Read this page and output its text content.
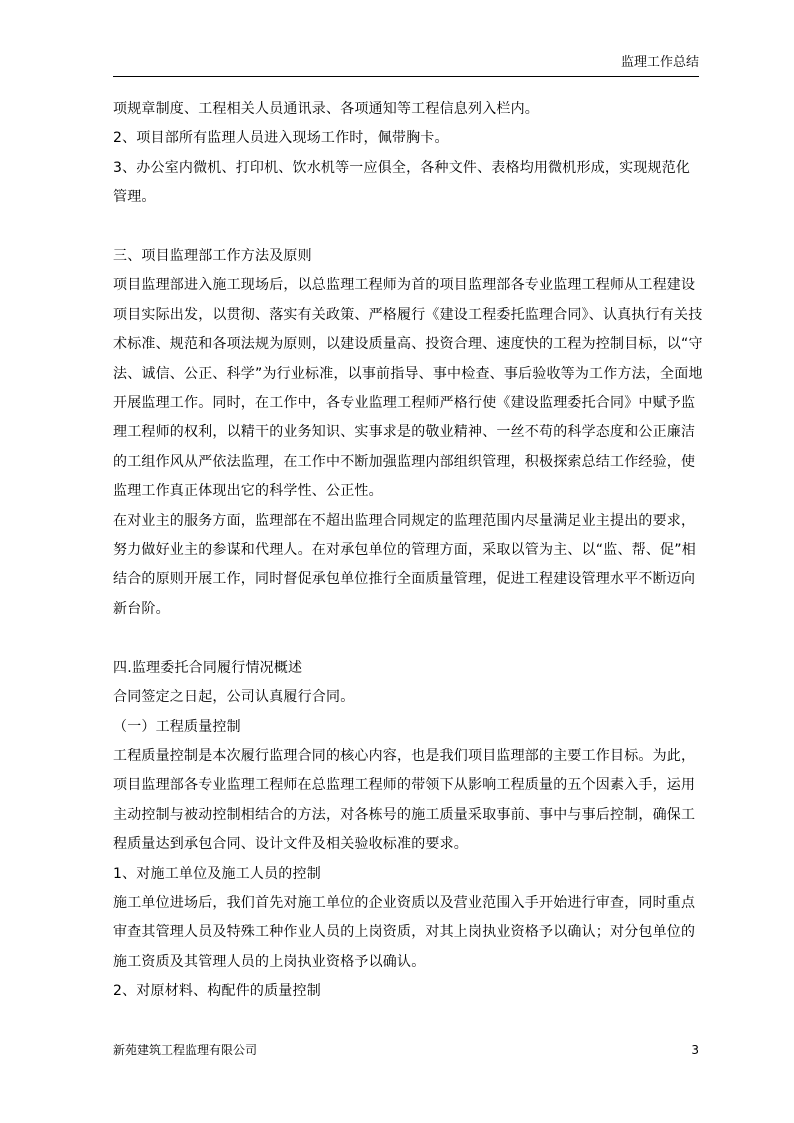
监理工作总结

项规章制度、工程相关人员通讯录、各项通知等工程信息列入栏内。

2、项目部所有监理人员进入现场工作时，佩带胸卡。

3、办公室内微机、打印机、饮水机等一应俱全，各种文件、表格均用微机形成，实现规范化管理。

三、项目监理部工作方法及原则

项目监理部进入施工现场后，以总监理工程师为首的项目监理部各专业监理工程师从工程建设项目实际出发，以贯彻、落实有关政策、严格履行《建设工程委托监理合同》、认真执行有关技术标准、规范和各项法规为原则，以建设质量高、投资合理、速度快的工程为控制目标，以“守法、诚信、公正、科学”为行业标准，以事前指导、事中检查、事后验收等为工作方法，全面地开展监理工作。同时，在工作中，各专业监理工程师严格行使《建设监理委托合同》中赋予监理工程师的权利，以精干的业务知识、实事求是的敬业精神、一丝不苟的科学态度和公正廉洁的工组作风从严依法监理，在工作中不断加强监理内部组织管理，积极探索总结工作经验，使监理工作真正体现出它的科学性、公正性。

在对业主的服务方面，监理部在不超出监理合同规定的监理范围内尽量满足业主提出的要求，努力做好业主的参谋和代理人。在对承包单位的管理方面，采取以管为主、以“监、帮、促”相结合的原则开展工作，同时督促承包单位推行全面质量管理，促进工程建设管理水平不断迈向新台阶。

四.监理委托合同履行情况概述

合同签定之日起，公司认真履行合同。

（一）工程质量控制

工程质量控制是本次履行监理合同的核心内容，也是我们项目监理部的主要工作目标。为此，项目监理部各专业监理工程师在总监理工程师的带领下从影响工程质量的五个因素入手，运用主动控制与被动控制相结合的方法，对各栋号的施工质量采取事前、事中与事后控制，确保工程质量达到承包合同、设计文件及相关验收标准的要求。

1、对施工单位及施工人员的控制

施工单位进场后，我们首先对施工单位的企业资质以及营业范围入手开始进行审查，同时重点审查其管理人员及特殊工种作业人员的上岗资质，对其上岗执业资格予以确认；对分包单位的施工资质及其管理人员的上岗执业资格予以确认。

2、对原材料、构配件的质量控制

新苑建筑工程监理有限公司	3
